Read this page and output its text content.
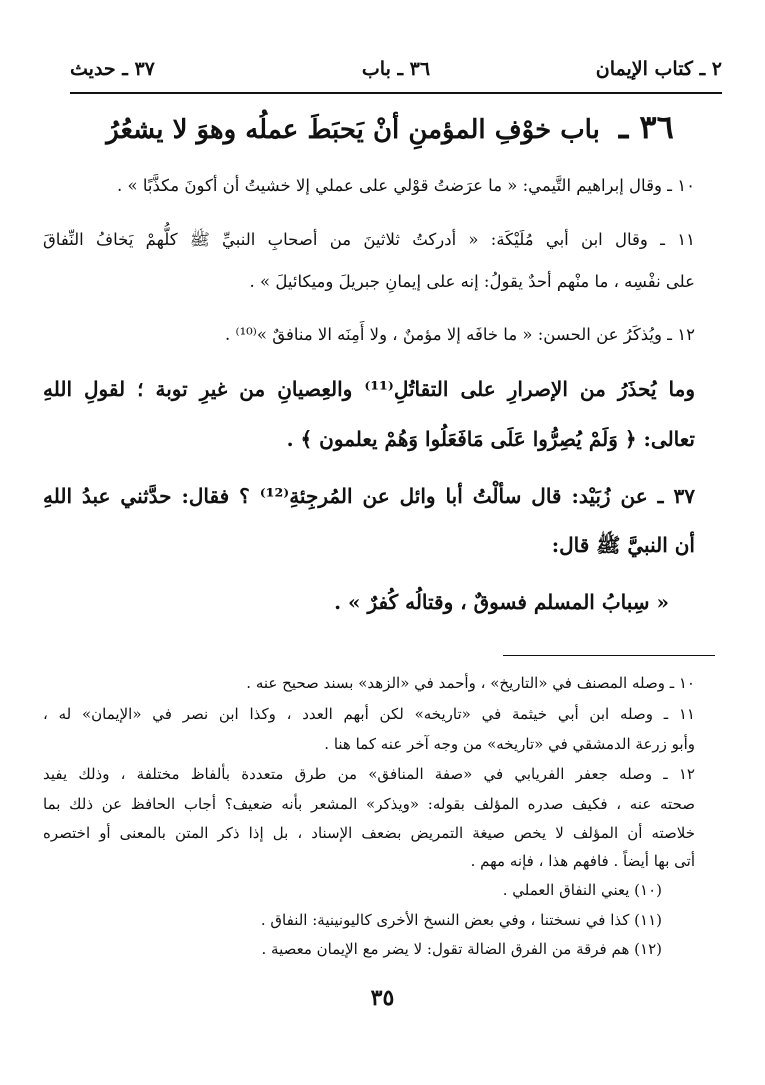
٢ ـ كتاب الإيمان
٣٦ ـ باب
٣٧ ـ حديث
٣٦ ـ باب خوْفِ المؤمنِ أنْ يَحبَطَ عملُه وهوَ لا يشعُرُ
١٠ ـ وقال إبراهيم التَّيمي: « ما عرَضتُ قوْلي على عملي إلا خشيتُ أن أكونَ مكذَّبًا » .
١١ ـ وقال ابن أبي مُلَيْكَة: « أدركتُ ثلاثينَ من أصحابِ النبيِّ ﷺ كلُّهمْ يَخافُ النِّفاقَ
على نفْسِه ، ما منْهم أحدٌ يقولُ: إنه على إيمانِ جبريلَ وميكائيلَ » .
١٢ ـ ويُذكَرُ عن الحسن: « ما خافَه إلا مؤمنٌ ، ولا أَمِنَه الا منافقٌ »⁽¹⁰⁾ .
وما يُحذَرُ من الإصرارِ على التقاتُلِ⁽¹¹⁾ والعِصيانِ من غيرِ توبة ؛ لقولِ اللهِ
تعالى: ﴿ وَلَمْ يُصِرُّوا عَلَى مَافَعَلُوا وَهُمْ يعلمون ﴾ .
٣٧ ـ عن زُبَيْد: قال سألْتُ أبا وائل عن المُرجِئةِ⁽¹²⁾ ؟ فقال: حدَّثني عبدُ اللهِ
أن النبيَّ ﷺ قال:
« سِبابُ المسلم فسوقٌ ، وقتالُه كُفرٌ » .
١٠ ـ وصله المصنف في «التاريخ» ، وأحمد في «الزهد» بسند صحيح عنه .
١١ ـ وصله ابن أبي خيثمة في «تاريخه» لكن أبهم العدد ، وكذا ابن نصر في «الإيمان» له ،
وأبو زرعة الدمشقي في «تاريخه» من وجه آخر عنه كما هنا .
١٢ ـ وصله جعفر الفريابي في «صفة المنافق» من طرق متعددة بألفاظ مختلفة ، وذلك يفيد
صحته عنه ، فكيف صدره المؤلف بقوله: «ويذكر» المشعر بأنه ضعيف؟ أجاب الحافظ عن ذلك بما
خلاصته أن المؤلف لا يخص صيغة التمريض بضعف الإسناد ، بل إذا ذكر المتن بالمعنى أو اختصره
أتى بها أيضاً . فافهم هذا ، فإنه مهم .
(١٠) يعني النفاق العملي .
(١١) كذا في نسختنا ، وفي بعض النسخ الأخرى كاليونينية: النفاق .
(١٢) هم فرقة من الفرق الضالة تقول: لا يضر مع الإيمان معصية .
٣٥
